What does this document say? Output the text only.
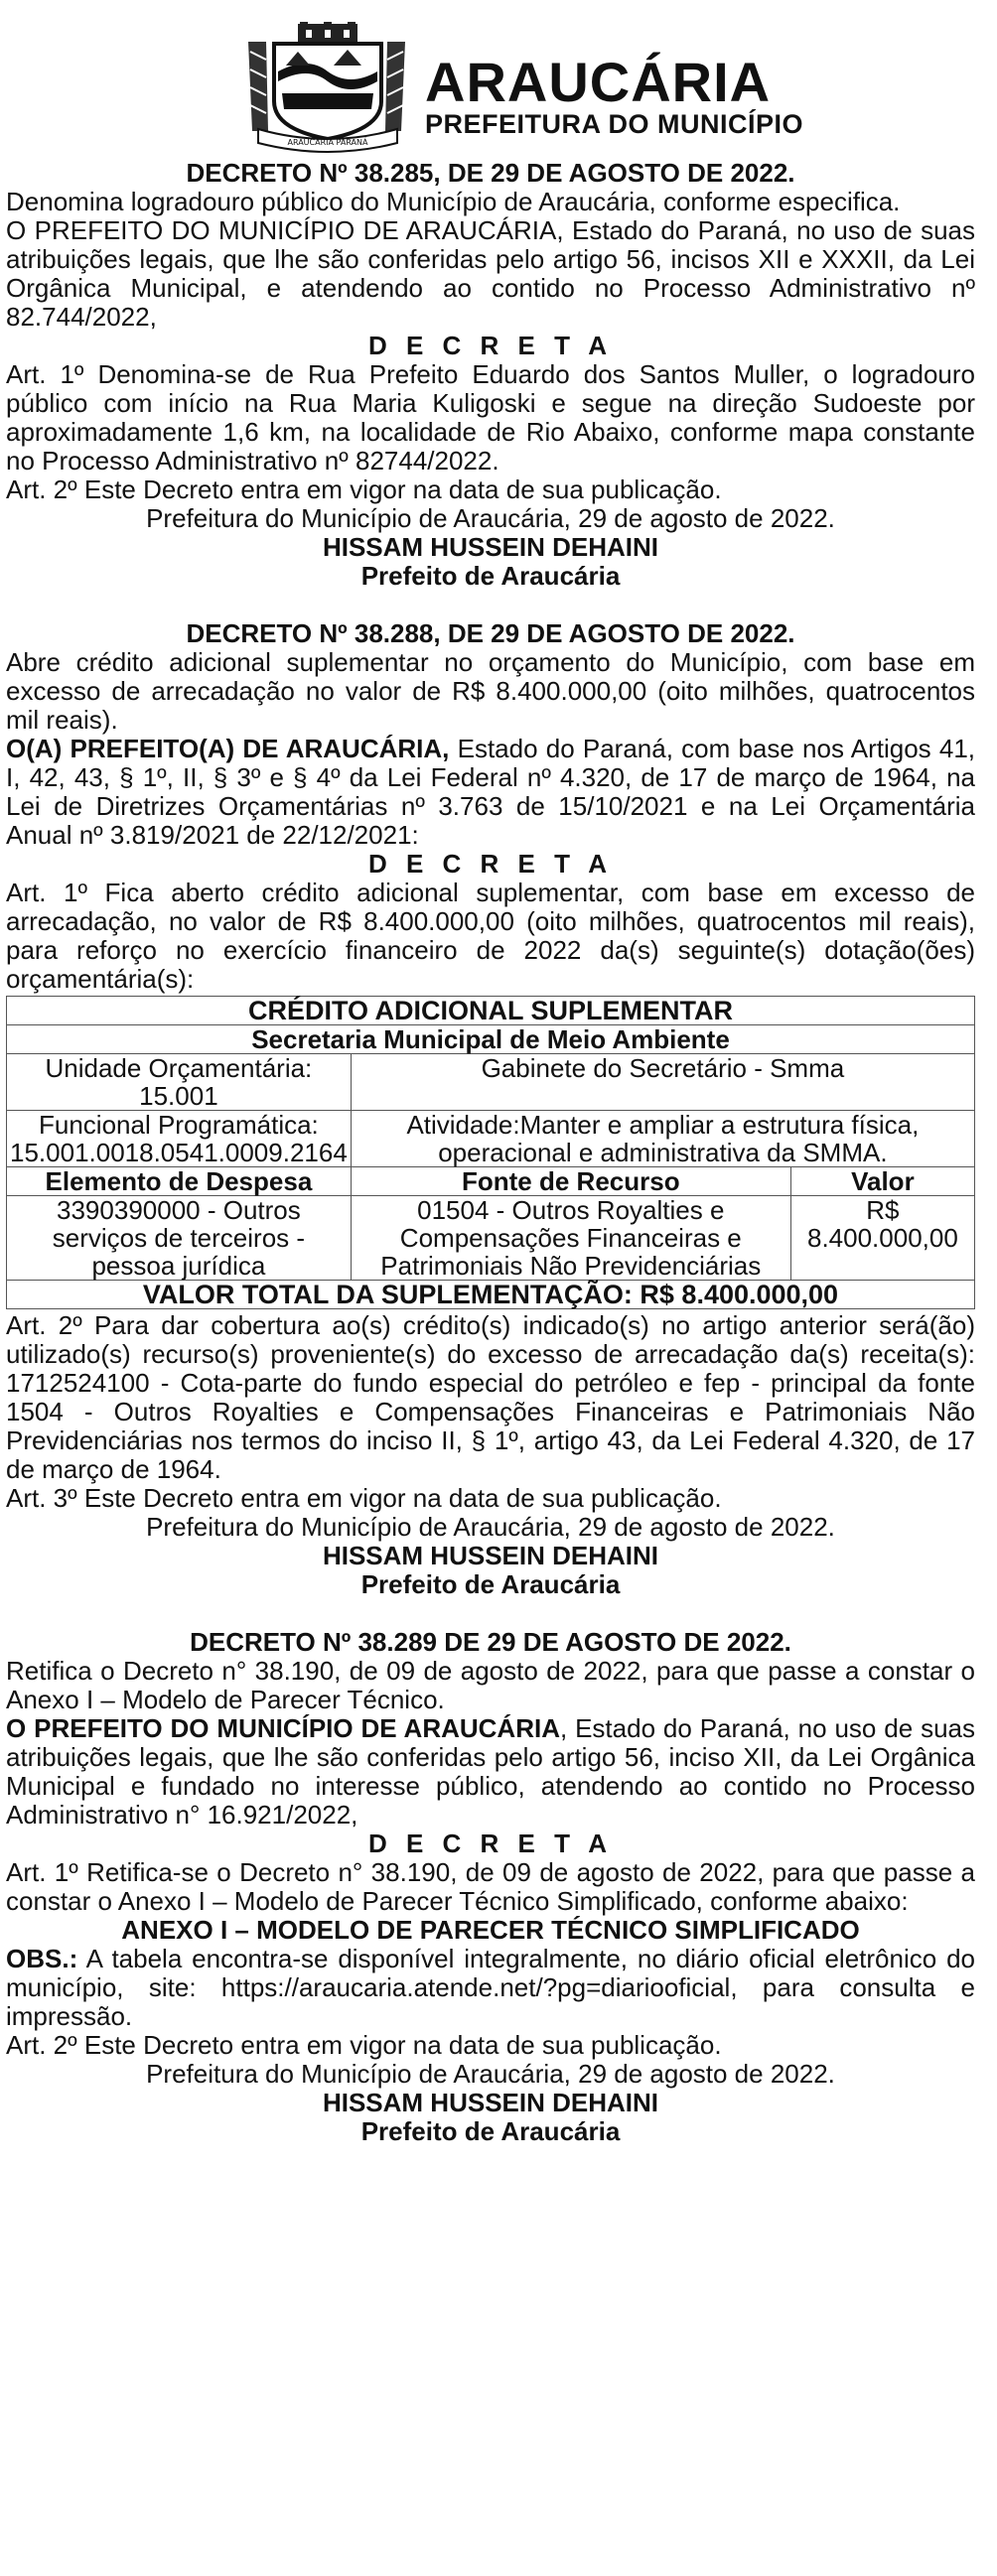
ARAUCÁRIA PARANÁ
ARAUCÁRIA
PREFEITURA DO MUNICÍPIO

DECRETO Nº 38.285, DE 29 DE AGOSTO DE 2022.

Denomina logradouro público do Município de Araucária, conforme especifica.

O PREFEITO DO MUNICÍPIO DE ARAUCÁRIA, Estado do Paraná, no uso de suas atribuições legais, que lhe são conferidas pelo artigo 56, incisos XII e XXXII, da Lei Orgânica Municipal, e atendendo ao contido no Processo Administrativo nº 82.744/2022,

D E C R E T A

Art. 1º Denomina-se de Rua Prefeito Eduardo dos Santos Muller, o logradouro público com início na Rua Maria Kuligoski e segue na direção Sudoeste por aproximadamente 1,6 km, na localidade de Rio Abaixo, conforme mapa constante no Processo Administrativo nº 82744/2022.

Art. 2º Este Decreto entra em vigor na data de sua publicação.

Prefeitura do Município de Araucária, 29 de agosto de 2022.

HISSAM HUSSEIN DEHAINI

Prefeito de Araucária

DECRETO Nº 38.288, DE 29 DE AGOSTO DE 2022.

Abre crédito adicional suplementar no orçamento do Município, com base em excesso de arrecadação no valor de R$ 8.400.000,00 (oito milhões, quatrocentos mil reais).

O(A) PREFEITO(A) DE ARAUCÁRIA, Estado do Paraná, com base nos Artigos 41, I, 42, 43, § 1º, II, § 3º e § 4º da Lei Federal nº 4.320, de 17 de março de 1964, na Lei de Diretrizes Orçamentárias nº 3.763 de 15/10/2021 e na Lei Orçamentária Anual nº 3.819/2021 de 22/12/2021:

D E C R E T A

Art. 1º Fica aberto crédito adicional suplementar, com base em excesso de arrecadação, no valor de R$ 8.400.000,00 (oito milhões, quatrocentos mil reais), para reforço no exercício financeiro de 2022 da(s) seguinte(s) dotação(ões) orçamentária(s):

CRÉDITO ADICIONAL SUPLEMENTAR		
Secretaria Municipal de Meio Ambiente		
Unidade Orçamentária: 15.001	Gabinete do Secretário - Smma	
Funcional Programática: 15.001.0018.0541.0009.2164	Atividade:Manter e ampliar a estrutura física, operacional e administrativa da SMMA.	
Elemento de Despesa	Fonte de Recurso	Valor
3390390000 - Outros serviços de terceiros - pessoa jurídica	01504 - Outros Royalties e Compensações Financeiras e Patrimoniais Não Previdenciárias	R$ 8.400.000,00
VALOR TOTAL DA SUPLEMENTAÇÃO: R$ 8.400.000,00		

Art. 2º Para dar cobertura ao(s) crédito(s) indicado(s) no artigo anterior será(ão) utilizado(s) recurso(s) proveniente(s) do excesso de arrecadação da(s) receita(s): 1712524100 - Cota-parte do fundo especial do petróleo e fep - principal da fonte 1504 - Outros Royalties e Compensações Financeiras e Patrimoniais Não Previdenciárias nos termos do inciso II, § 1º, artigo 43, da Lei Federal 4.320, de 17 de março de 1964.

Art. 3º Este Decreto entra em vigor na data de sua publicação.

Prefeitura do Município de Araucária, 29 de agosto de 2022.

HISSAM HUSSEIN DEHAINI

Prefeito de Araucária

DECRETO Nº 38.289 DE 29 DE AGOSTO DE 2022.

Retifica o Decreto n° 38.190, de 09 de agosto de 2022, para que passe a constar o Anexo I – Modelo de Parecer Técnico.

O PREFEITO DO MUNICÍPIO DE ARAUCÁRIA, Estado do Paraná, no uso de suas atribuições legais, que lhe são conferidas pelo artigo 56, inciso XII, da Lei Orgânica Municipal e fundado no interesse público, atendendo ao contido no Processo Administrativo n° 16.921/2022,

D E C R E T A

Art. 1º Retifica-se o Decreto n° 38.190, de 09 de agosto de 2022, para que passe a constar o Anexo I – Modelo de Parecer Técnico Simplificado, conforme abaixo:

ANEXO I – MODELO DE PARECER TÉCNICO SIMPLIFICADO

OBS.: A tabela encontra-se disponível integralmente, no diário oficial eletrônico do município, site: https://araucaria.atende.net/?pg=diariooficial, para consulta e impressão.

Art. 2º Este Decreto entra em vigor na data de sua publicação.

Prefeitura do Município de Araucária, 29 de agosto de 2022.

HISSAM HUSSEIN DEHAINI

Prefeito de Araucária
